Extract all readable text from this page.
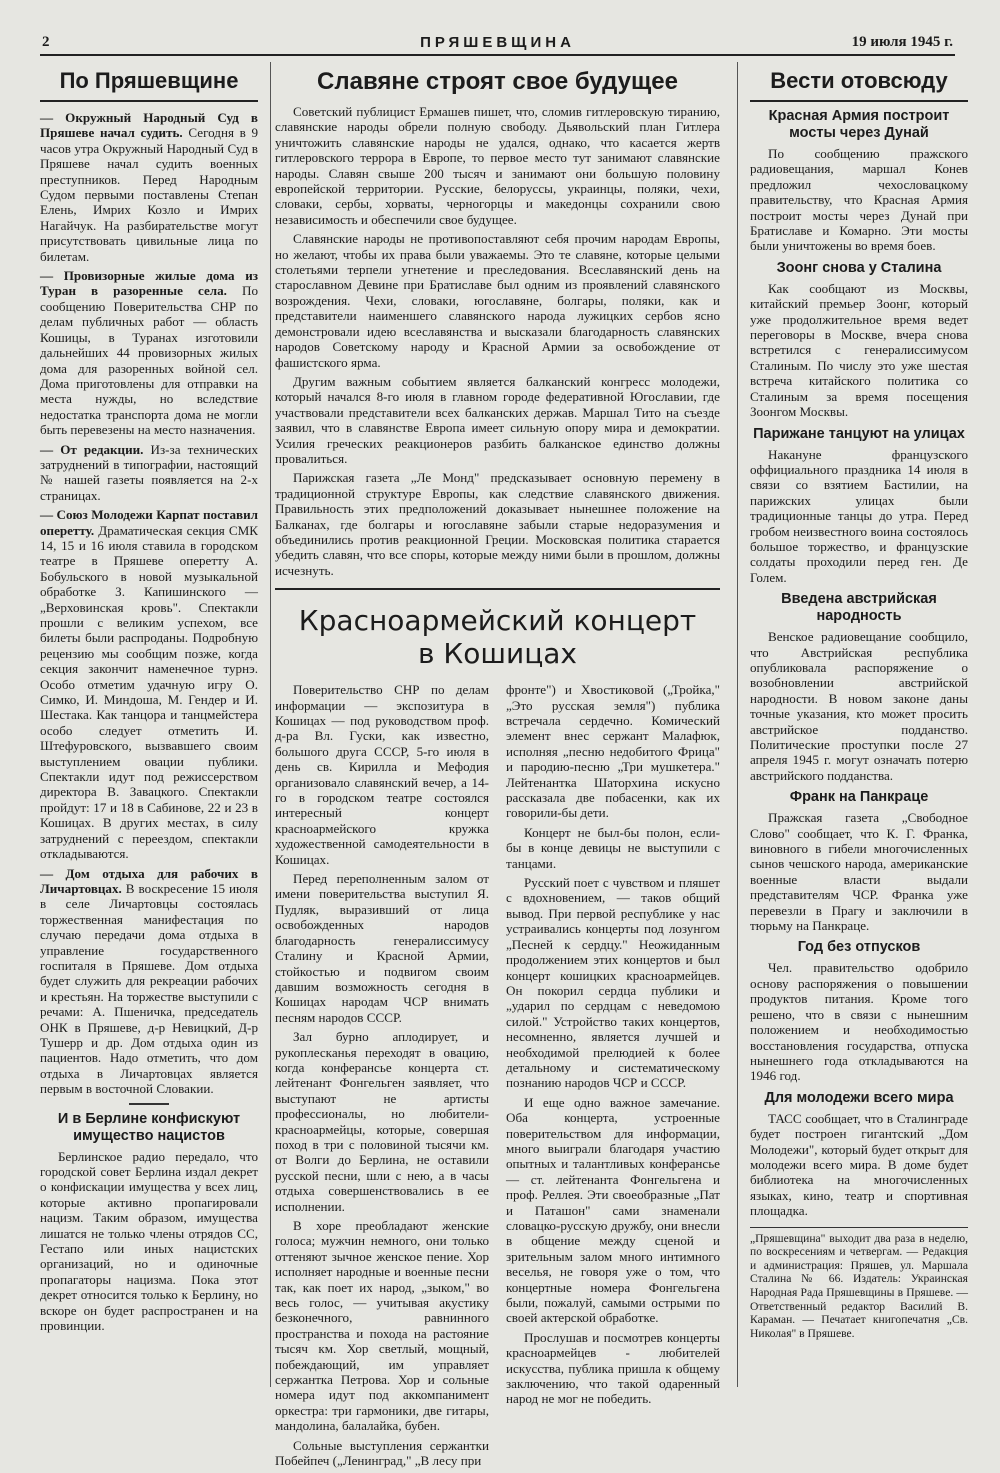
2	ПРЯШЕВЩИНА	19 июля 1945 г.
По Пряшевщине

— Окружный Народный Суд в Пряшеве начал судить. Сегодня в 9 часов утра Окружный Народный Суд в Пряшеве начал судить военных преступников. Перед Народным Судом первыми поставлены Степан Елень, Имрих Козло и Имрих Нагайчук. На разбирательстве могут присутствовать цивильные лица по билетам.

— Провизорные жилые дома из Туран в разоренные села. По сообщению Поверительства СНР по делам публичных работ — область Кошицы, в Туранах изготовили дальнейших 44 провизорных жилых дома для разоренных войной сел. Дома приготовлены для отправки на места нужды, но вследствие недостатка транспорта дома не могли быть перевезены на место назначения.

— От редакции. Из-за технических затруднений в типографии, настоящий № нашей газеты появляется на 2-х страницах.

— Союз Молодежи Карпат поставил оперетту. Драматическая секция СМК 14, 15 и 16 июля ставила в городском театре в Пряшеве оперетту А. Бобульского в новой музыкальной обработке З. Капишинского — „Верховинская кровь". Спектакли прошли с великим успехом, все билеты были распроданы. Подробную рецензию мы сообщим позже, когда секция закончит наменечное турнэ. Особо отметим удачную игру О. Симко, И. Миндоша, М. Гендер и И. Шестака. Как танцора и танцмейстера особо следует отметить И. Штефуровского, вызвавшего своим выступлением овации публики. Спектакли идут под режиссерством директора В. Завацкого. Спектакли пройдут: 17 и 18 в Сабинове, 22 и 23 в Кошицах. В других местах, в силу затруднений с переездом, спектакли откладываются.

— Дом отдыха для рабочих в Личартовцах. В воскресение 15 июля в селе Личартовцы состоялась торжественная манифестация по случаю передачи дома отдыха в управление государственного госпиталя в Пряшеве. Дом отдыха будет служить для рекреации рабочих и крестьян. На торжестве выступили с речами: А. Пшеничка, председатель ОНК в Пряшеве, д-р Невицкий, Д-р Тушерр и др. Дом отдыха один из пациентов. Надо отметить, что дом отдыха в Личартовцах является первым в восточной Словакии.

И в Берлине конфискуют имущество нацистов

Берлинское радио передало, что городской совет Берлина издал декрет о конфискации имущества у всех лиц, которые активно пропагировали нацизм. Таким образом, имущества лишатся не только члены отрядов СС, Гестапо или иных нацистских организаций, но и одиночные пропагаторы нацизма. Пока этот декрет относится только к Берлину, но вскоре он будет распространен и на провинции.

Славяне строят свое будущее

Советский публицист Ермашев пишет, что, сломив гитлеровскую тиранию, славянские народы обрели полную свободу. Дьявольский план Гитлера уничтожить славянские народы не удался, однако, что касается жертв гитлеровского террора в Европе, то первое место тут занимают славянские народы. Славян свыше 200 тысяч и занимают они большую половину европейской территории. Русские, белоруссы, украинцы, поляки, чехи, словаки, сербы, хорваты, черногорцы и македонцы сохранили свою независимость и обеспечили свое будущее.

Славянские народы не противопоставляют себя прочим народам Европы, но желают, чтобы их права были уважаемы. Это те славяне, которые целыми столетьями терпели угнетение и преследования. Всеславянский день на старославном Девине при Братиславе был одним из проявлений славянского возрождения. Чехи, словаки, югославяне, болгары, поляки, как и представители наименшего славянского народа лужицких сербов ясно демонстровали идею всеславянства и высказали благодарность славянских народов Советскому народу и Красной Армии за освобождение от фашистского ярма.

Другим важным событием является балканский конгресс молодежи, который начался 8-го июля в главном городе федеративной Югославии, где участвовали представители всех балканских держав. Маршал Тито на съезде заявил, что в славянстве Европа имеет сильную опору мира и демократии. Усилия греческих реакционеров разбить балканское единство должны провалиться.

Парижская газета „Ле Монд" предсказывает основную перемену в традиционной структуре Европы, как следствие славянского движения. Правильность этих предположений доказывает нынешнее положение на Балканах, где болгары и югославяне забыли старые недоразумения и объединились против реакционной Греции. Московская политика старается убедить славян, что все споры, которые между ними были в прошлом, должны исчезнуть.

Красноармейский концерт
в Кошицах

Поверительство СНР по делам информации — экспозитура в Кошицах — под руководством проф. д-ра Вл. Гуски, как известно, большого друга СССР, 5-го июля в день св. Кирилла и Мефодия организовало славянский вечер, а 14-го в городском театре состоялся интересный концерт красноармейского кружка художественной самодеятельности в Кошицах.

Перед переполненным залом от имени поверительства выступил Я. Пудляк, выразивший от лица освобожденных народов благодарность генералиссимусу Сталину и Красной Армии, стойкостью и подвигом своим давшим возможность сегодня в Кошицах народам ЧСР внимать песням народов СССР.

Зал бурно аплодирует, и рукоплесканья переходят в овацию, когда конферансье концерта ст. лейтенант Фонгельген заявляет, что выступают не артисты профессионалы, но любители-красноармейцы, которые, совершая поход в три с половиной тысячи км. от Волги до Берлина, не оставили русской песни, шли с нею, а в часы отдыха совершенствовались в ее исполнении.

В хоре преобладают женские голоса; мужчин немного, они только оттеняют зычное женское пение. Хор исполняет народные и военные песни так, как поет их народ, „зыком," во весь голос, — учитывая акустику безконечного, равнинного пространства и похода на растояние тысяч км. Хор светлый, мощный, побеждающий, им управляет сержантка Петрова. Хор и сольные номера идут под аккомпанимент оркестра: три гармоники, две гитары, мандолина, балалайка, бубен.

Сольные выступления сержантки Побейпеч („Ленинград," „В лесу при

фронте") и Хвостиковой („Тройка," „Это русская земля") публика встречала сердечно. Комический элемент внес сержант Малафюк, исполняя „песню недобитого Фрица" и пародию-песню „Три мушкетера." Лейтенантка Шаторхина искусно рассказала две побасенки, как их говорили-бы дети.

Концерт не был-бы полон, если-бы в конце девицы не выступили с танцами.

Русский поет с чувством и пляшет с вдохновением, — таков общий вывод. При первой республике у нас устраивались концерты под лозунгом „Песней к сердцу." Неожиданным продолжением этих концертов и был концерт кошицких красноармейцев. Он покорил сердца публики и „ударил по сердцам с неведомою силой." Устройство таких концертов, несомненно, является лучшей и необходимой прелюдией к более детальному и систематическому познанию народов ЧСР и СССР.

И еще одно важное замечание. Оба концерта, устроенные поверительством для информации, много выиграли благодаря участию опытных и талантливых конферансье — ст. лейтенанта Фонгельгена и проф. Реллея. Эти своеобразные „Пат и Паташон" сами знаменали словацко-русскую дружбу, они внесли в общение между сценой и зрительным залом много интимного веселья, не говоря уже о том, что концертные номера Фонгельгена были, пожалуй, самыми острыми по своей актерской обработке.

Прослушав и посмотрев концерты красноармейцев - любителей искусства, публика пришла к общему заключению, что такой одаренный народ не мог не победить.

Вести отовсюду
Красная Армия построит мосты через Дунай

По сообщению пражского радиовещания, маршал Конев предложил чехословацкому правительству, что Красная Армия построит мосты через Дунай при Братиславе и Комарно. Эти мосты были уничтожены во время боев.

Зоонг снова у Сталина

Как сообщают из Москвы, китайский премьер Зоонг, который уже продолжительное время ведет переговоры в Москве, вчера снова встретился с генералиссимусом Сталиным. По числу это уже шестая встреча китайского политика со Сталиным за время посещения Зоонгом Москвы.

Парижане танцуют на улицах

Накануне французского оффициального праздника 14 июля в связи со взятием Бастилии, на парижских улицах были традиционные танцы до утра. Перед гробом неизвестного воина состоялось большое торжество, и французские солдаты проходили перед ген. Де Голем.

Введена австрийская народность

Венское радиовещание сообщило, что Австрийская республика опубликовала распоряжение о возобновлении австрийской народности. В новом законе даны точные указания, кто может просить австрийское подданство. Политические проступки после 27 апреля 1945 г. могут означать потерю австрийского подданства.

Франк на Панкраце

Пражская газета „Свободное Слово" сообщает, что К. Г. Франка, виновного в гибели многочисленных сынов чешского народа, американские военные власти выдали представителям ЧСР. Франка уже перевезли в Прагу и заключили в тюрьму на Панкраце.

Год без отпусков

Чел. правительство одобрило основу распоряжения о повышении продуктов питания. Кроме того решено, что в связи с нынешним положением и необходимостью восстановления государства, отпуска нынешнего года откладываются на 1946 год.

Для молодежи всего мира

ТАСС сообщает, что в Сталинграде будет построен гигантский „Дом Молодежи", который будет открыт для молодежи всего мира. В доме будет библиотека на многочисленных языках, кино, театр и спортивная площадка.

„Пряшевщина" выходит два раза в неделю, по воскресениям и четвергам. — Редакция и администрация: Пряшев, ул. Маршала Сталина № 66. Издатель: Украинская Народная Рада Пряшевщины в Пряшеве. — Ответственный редактор Василий В. Караман. — Печатает книгопечатня „Св. Николая" в Пряшеве.
